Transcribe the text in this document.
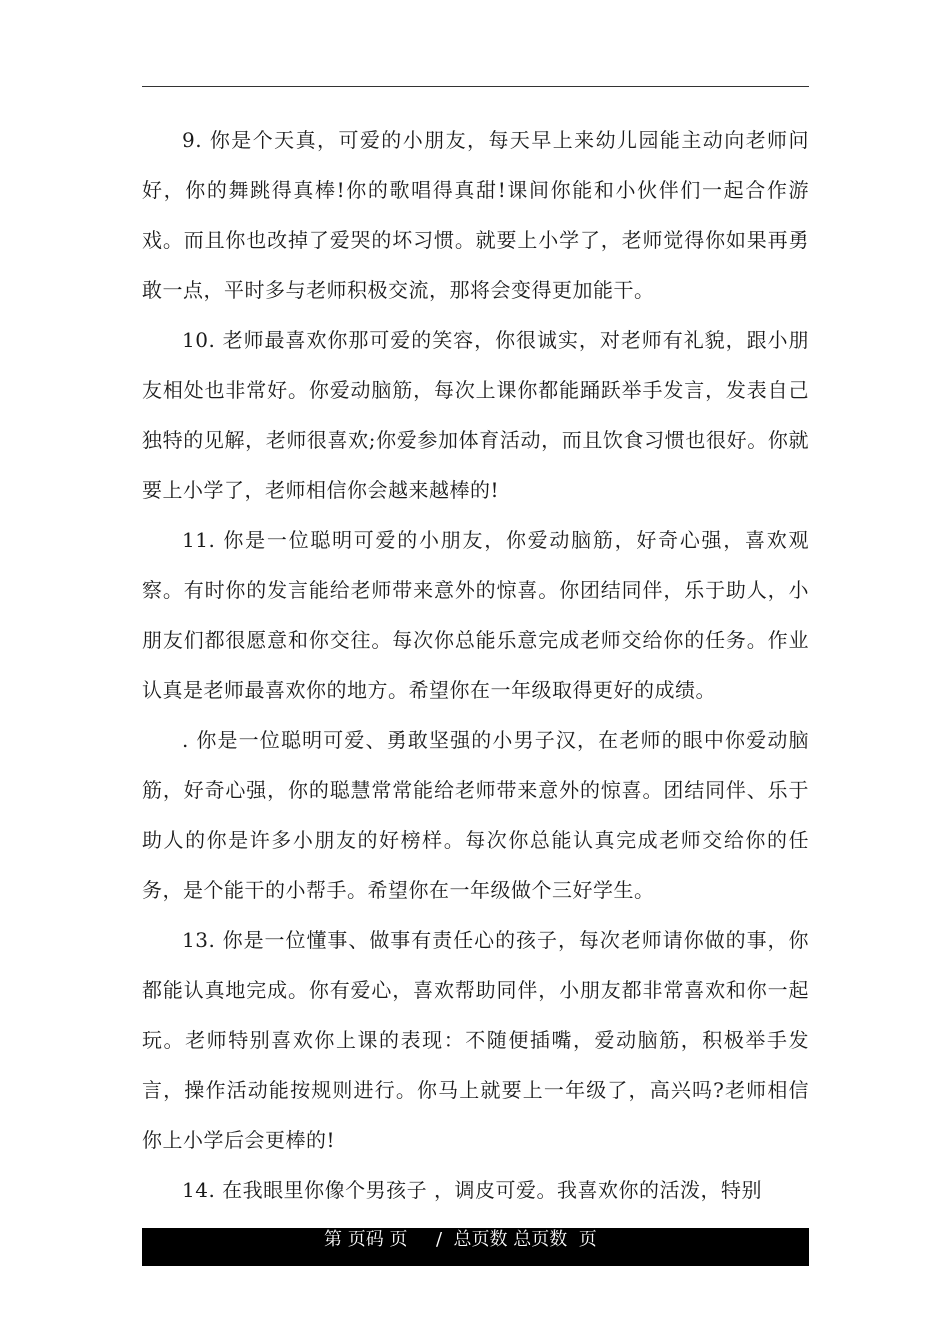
9. 你是个天真，可爱的小朋友，每天早上来幼儿园能主动向老师问好，你的舞跳得真棒!你的歌唱得真甜!课间你能和小伙伴们一起合作游戏。而且你也改掉了爱哭的坏习惯。就要上小学了，老师觉得你如果再勇敢一点，平时多与老师积极交流，那将会变得更加能干。

10. 老师最喜欢你那可爱的笑容，你很诚实，对老师有礼貌，跟小朋友相处也非常好。你爱动脑筋，每次上课你都能踊跃举手发言，发表自己独特的见解，老师很喜欢;你爱参加体育活动，而且饮食习惯也很好。你就要上小学了，老师相信你会越来越棒的!

11. 你是一位聪明可爱的小朋友，你爱动脑筋，好奇心强，喜欢观察。有时你的发言能给老师带来意外的惊喜。你团结同伴，乐于助人，小朋友们都很愿意和你交往。每次你总能乐意完成老师交给你的任务。作业认真是老师最喜欢你的地方。希望你在一年级取得更好的成绩。

. 你是一位聪明可爱、勇敢坚强的小男子汉，在老师的眼中你爱动脑筋，好奇心强，你的聪慧常常能给老师带来意外的惊喜。团结同伴、乐于助人的你是许多小朋友的好榜样。每次你总能认真完成老师交给你的任务，是个能干的小帮手。希望你在一年级做个三好学生。

13. 你是一位懂事、做事有责任心的孩子，每次老师请你做的事，你都能认真地完成。你有爱心，喜欢帮助同伴，小朋友都非常喜欢和你一起玩。老师特别喜欢你上课的表现：不随便插嘴，爱动脑筋，积极举手发言，操作活动能按规则进行。你马上就要上一年级了，高兴吗?老师相信你上小学后会更棒的!

14. 在我眼里你像个男孩子 ，调皮可爱。我喜欢你的活泼，特别

第 页码 页     /  总页数 总页数  页
